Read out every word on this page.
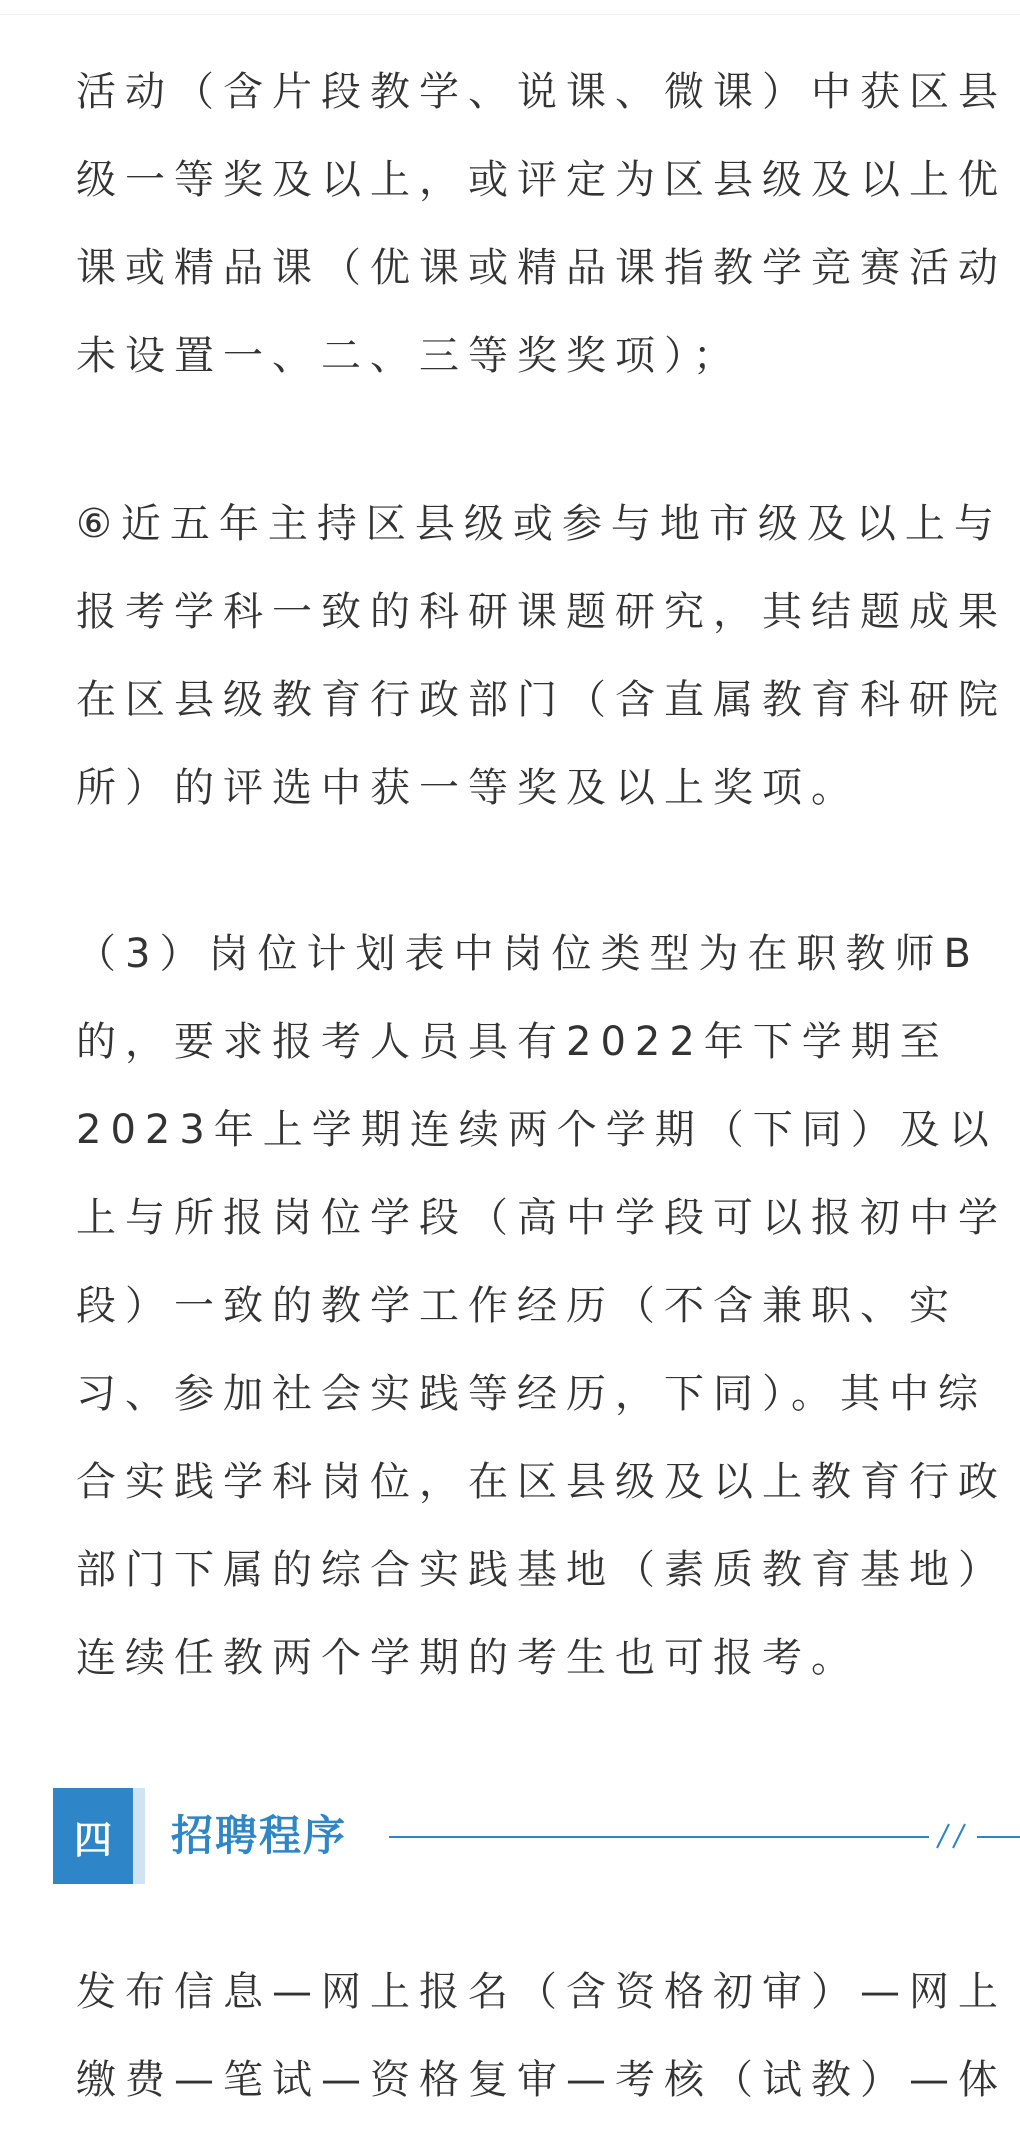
活动（含片段教学、说课、微课）中获区县
级一等奖及以上，或评定为区县级及以上优
课或精品课（优课或精品课指教学竞赛活动
未设置一、二、三等奖奖项）；

⑥近五年主持区县级或参与地市级及以上与
报考学科一致的科研课题研究，其结题成果
在区县级教育行政部门（含直属教育科研院
所）的评选中获一等奖及以上奖项。

（3）岗位计划表中岗位类型为在职教师B
的，要求报考人员具有2022年下学期至
2023年上学期连续两个学期（下同）及以
上与所报岗位学段（高中学段可以报初中学
段）一致的教学工作经历（不含兼职、实
习、参加社会实践等经历，下同）。其中综
合实践学科岗位，在区县级及以上教育行政
部门下属的综合实践基地（素质教育基地）
连续任教两个学期的考生也可报考。

四	招聘程序

发布信息—网上报名（含资格初审）—网上
缴费—笔试—资格复审—考核（试教）—体
